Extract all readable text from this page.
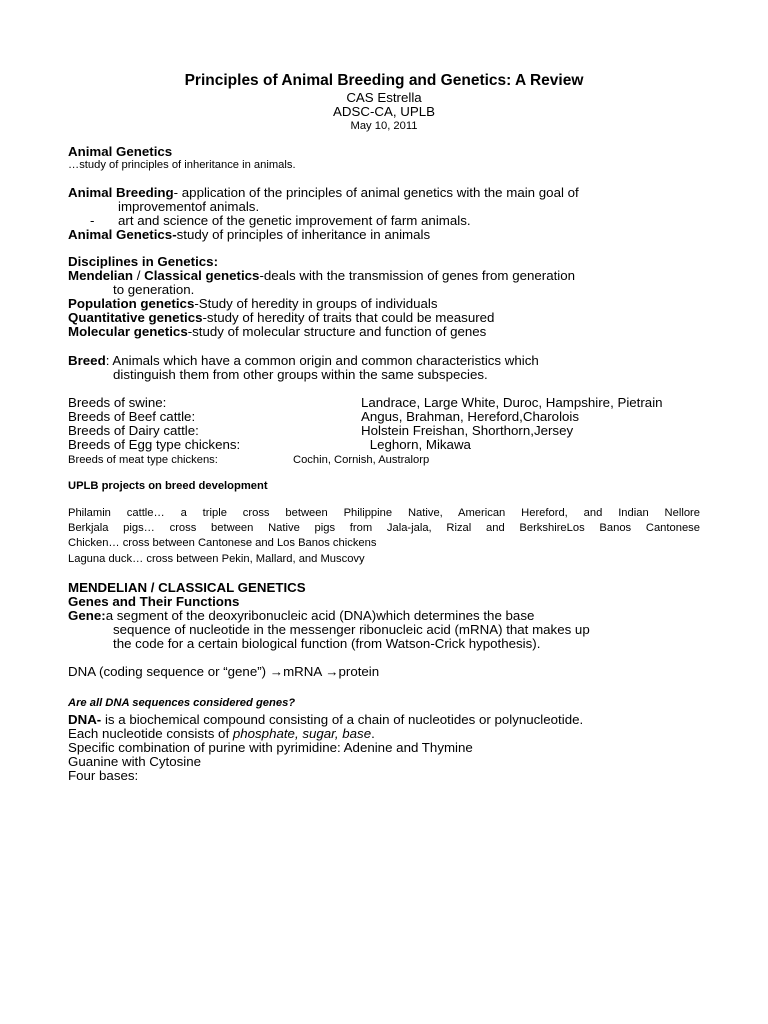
Principles of Animal Breeding and Genetics: A Review
CAS Estrella
ADSC-CA, UPLB
May 10, 2011
Animal Genetics
…study of principles of inheritance in animals.
Animal Breeding- application of the principles of animal genetics with the main goal of
improvementof animals.
- art and science of the genetic improvement of farm animals.
Animal Genetics-study of principles of inheritance in animals
Disciplines in Genetics:
Mendelian / Classical genetics-deals with the transmission of genes from generation
to generation.
Population genetics-Study of heredity in groups of individuals
Quantitative genetics-study of heredity of traits that could be measured
Molecular genetics-study of molecular structure and function of genes
Breed: Animals which have a common origin and common characteristics which
distinguish them from other groups within the same subspecies.
Breeds of swine:	Landrace, Large White, Duroc, Hampshire, Pietrain
Breeds of Beef cattle:	Angus, Brahman, Hereford,Charolois
Breeds of Dairy cattle:	Holstein Freishan, Shorthorn,Jersey
Breeds of Egg type chickens:	Leghorn, Mikawa
Breeds of meat type chickens:	Cochin, Cornish, Australorp
UPLB projects on breed development
Philamin cattle… a triple cross between Philippine Native, American Hereford, and Indian Nellore
Berkjala pigs… cross between Native pigs from Jala-jala, Rizal and BerkshireLos Banos Cantonese
Chicken… cross between Cantonese and Los Banos chickens
Laguna duck… cross between Pekin, Mallard, and Muscovy
MENDELIAN / CLASSICAL GENETICS
Genes and Their Functions
Gene:a segment of the deoxyribonucleic acid (DNA)which determines the base
sequence of nucleotide in the messenger ribonucleic acid (mRNA) that makes up
the code for a certain biological function (from Watson-Crick hypothesis).
DNA (coding sequence or “gene”) →mRNA →protein
Are all DNA sequences considered genes?
DNA- is a biochemical compound consisting of a chain of nucleotides or polynucleotide.
Each nucleotide consists of phosphate, sugar, base.
Specific combination of purine with pyrimidine: Adenine and Thymine
Guanine with Cytosine
Four bases:
